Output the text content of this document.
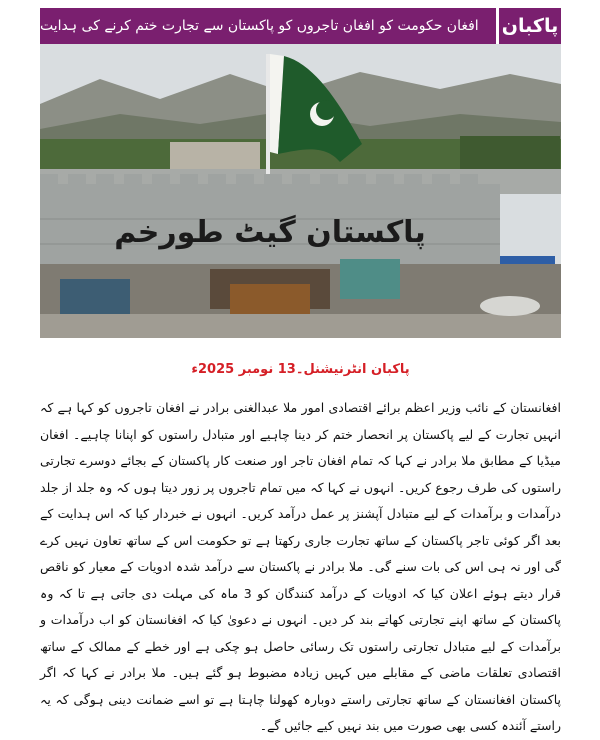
پاکبان
افغان حکومت کو افغان تاجروں کو پاکستان سے تجارت ختم کرنے کی ہدایت
پاکستان گیٹ طورخم
پاکبان انٹرنیشنل۔13 نومبر 2025ء
افغانستان کے نائب وزیر اعظم برائے اقتصادی امور ملا عبدالغنی برادر نے افغان تاجروں کو کہا ہے کہ انہیں تجارت کے لیے پاکستان پر انحصار ختم کر دینا چاہیے اور متبادل راستوں کو اپنانا چاہیے۔ افغان میڈیا کے مطابق ملا برادر نے کہا کہ تمام افغان تاجر اور صنعت کار پاکستان کے بجائے دوسرے تجارتی راستوں کی طرف رجوع کریں۔ انہوں نے کہا کہ میں تمام تاجروں پر زور دیتا ہوں کہ وہ جلد از جلد درآمدات و برآمدات کے لیے متبادل آپشنز پر عمل درآمد کریں۔ انہوں نے خبردار کیا کہ اس ہدایت کے بعد اگر کوئی تاجر پاکستان کے ساتھ تجارت جاری رکھتا ہے تو حکومت اس کے ساتھ تعاون نہیں کرے گی اور نہ ہی اس کی بات سنے گی۔ ملا برادر نے پاکستان سے درآمد شدہ ادویات کے معیار کو ناقص قرار دیتے ہوئے اعلان کیا کہ ادویات کے درآمد کنندگان کو 3 ماہ کی مہلت دی جاتی ہے تا کہ وہ پاکستان کے ساتھ اپنے تجارتی کھاتے بند کر دیں۔ انہوں نے دعویٰ کیا کہ افغانستان کو اب درآمدات و برآمدات کے لیے متبادل تجارتی راستوں تک رسائی حاصل ہو چکی ہے اور خطے کے ممالک کے ساتھ اقتصادی تعلقات ماضی کے مقابلے میں کہیں زیادہ مضبوط ہو گئے ہیں۔ ملا برادر نے کہا کہ اگر پاکستان افغانستان کے ساتھ تجارتی راستے دوبارہ کھولنا چاہتا ہے تو اسے ضمانت دینی ہوگی کہ یہ راستے آئندہ کسی بھی صورت میں بند نہیں کیے جائیں گے۔
